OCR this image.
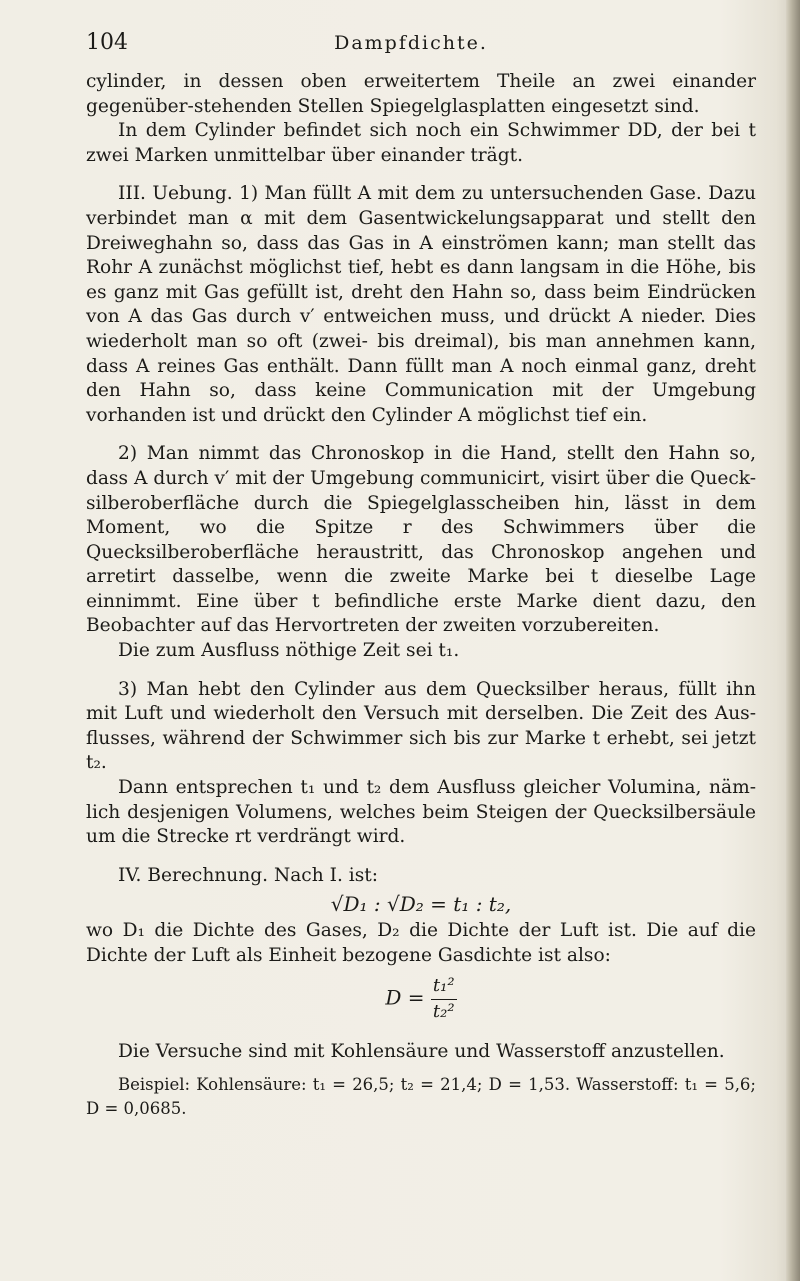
104	Dampfdichte.

cylinder, in dessen oben erweitertem Theile an zwei einander gegenüber-stehenden Stellen Spiegelglasplatten eingesetzt sind.

In dem Cylinder befindet sich noch ein Schwimmer DD, der bei t zwei Marken unmittelbar über einander trägt.

III. Uebung. 1) Man füllt A mit dem zu untersuchenden Gase. Dazu verbindet man α mit dem Gasentwickelungsapparat und stellt den Dreiweghahn so, dass das Gas in A einströmen kann; man stellt das Rohr A zunächst möglichst tief, hebt es dann langsam in die Höhe, bis es ganz mit Gas gefüllt ist, dreht den Hahn so, dass beim Eindrücken von A das Gas durch v′ entweichen muss, und drückt A nieder. Dies wiederholt man so oft (zwei- bis dreimal), bis man annehmen kann, dass A reines Gas enthält. Dann füllt man A noch einmal ganz, dreht den Hahn so, dass keine Communication mit der Umgebung vorhanden ist und drückt den Cylinder A möglichst tief ein.

2) Man nimmt das Chronoskop in die Hand, stellt den Hahn so, dass A durch v′ mit der Umgebung communicirt, visirt über die Queck-silberoberfläche durch die Spiegelglasscheiben hin, lässt in dem Moment, wo die Spitze r des Schwimmers über die Quecksilberoberfläche heraustritt, das Chronoskop angehen und arretirt dasselbe, wenn die zweite Marke bei t dieselbe Lage einnimmt. Eine über t befindliche erste Marke dient dazu, den Beobachter auf das Hervortreten der zweiten vorzubereiten.

Die zum Ausfluss nöthige Zeit sei t₁.

3) Man hebt den Cylinder aus dem Quecksilber heraus, füllt ihn mit Luft und wiederholt den Versuch mit derselben. Die Zeit des Aus-flusses, während der Schwimmer sich bis zur Marke t erhebt, sei jetzt t₂.

Dann entsprechen t₁ und t₂ dem Ausfluss gleicher Volumina, näm-lich desjenigen Volumens, welches beim Steigen der Quecksilbersäule um die Strecke rt verdrängt wird.

IV. Berechnung. Nach I. ist:

√D₁ : √D₂ = t₁ : t₂,

wo D₁ die Dichte des Gases, D₂ die Dichte der Luft ist. Die auf die Dichte der Luft als Einheit bezogene Gasdichte ist also:

$D = \frac{\text{t₁²}}{\text{t₂²}}$

Die Versuche sind mit Kohlensäure und Wasserstoff anzustellen.

Beispiel: Kohlensäure: t₁ = 26,5; t₂ = 21,4; D = 1,53. Wasserstoff: t₁ = 5,6; D = 0,0685.
